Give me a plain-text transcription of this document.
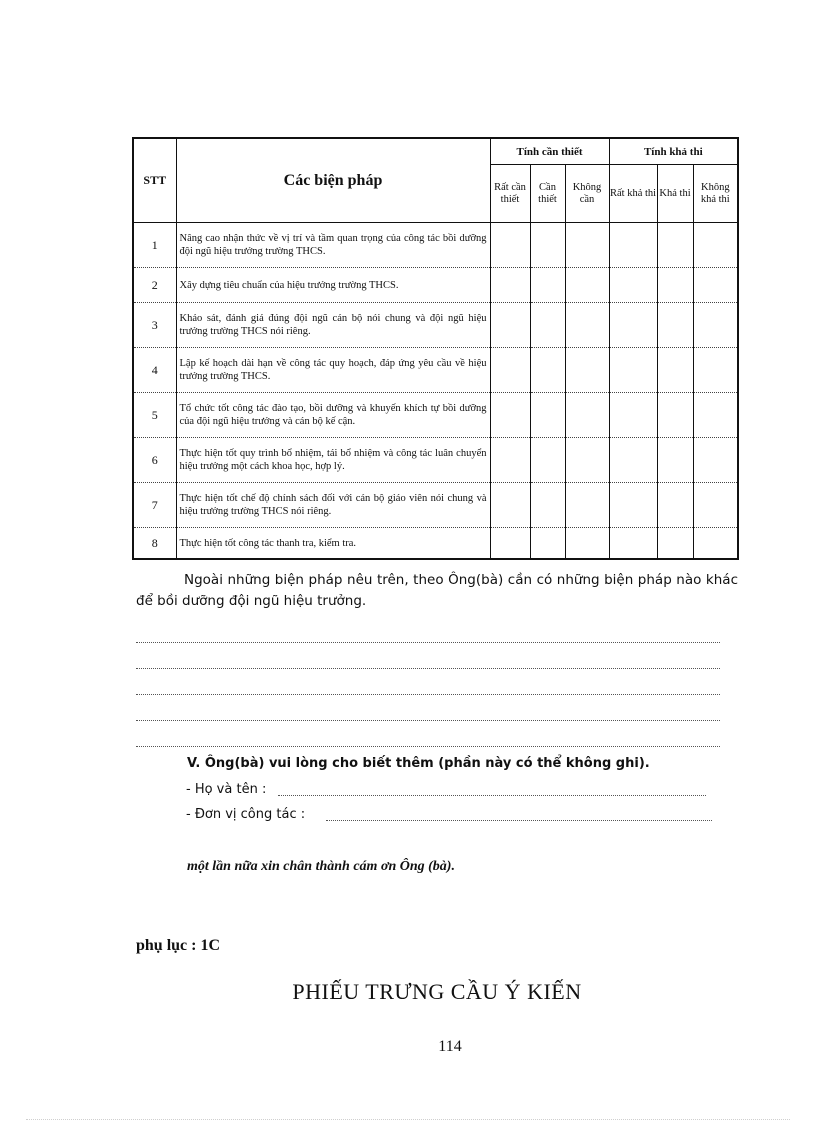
STT	Các biện pháp	Tính cần thiết			Tính khả thi		
		Rất cần thiết	Cần thiết	Không cần	Rất khả thi	Khả thi	Không khả thi
1	Nâng cao nhận thức về vị trí và tầm quan trọng của công tác bồi dưỡng đội ngũ hiệu trưởng trường THCS.						
2	Xây dựng tiêu chuẩn của hiệu trưởng trường THCS.						
3	Khảo sát, đánh giá đúng đội ngũ cán bộ nói chung và đội ngũ hiệu trưởng trường THCS nói riêng.						
4	Lập kế hoạch dài hạn về công tác quy hoạch, đáp ứng yêu cầu về hiệu trưởng trường THCS.						
5	Tổ chức tốt công tác đào tạo, bồi dưỡng và khuyến khích tự bồi dưỡng của đội ngũ hiệu trưởng và cán bộ kế cận.						
6	Thực hiện tốt quy trình bổ nhiệm, tái bổ nhiệm và công tác luân chuyển hiệu trưởng một cách khoa học, hợp lý.						
7	Thực hiện tốt chế độ chính sách đối với cán bộ giáo viên nói chung và hiệu trưởng trường THCS nói riêng.						
8	Thực hiện tốt công tác thanh tra, kiểm tra.						

Ngoài những biện pháp nêu trên, theo Ông(bà) cần có những biện pháp nào khác để bồi dưỡng đội ngũ hiệu trưởng.

V. Ông(bà) vui lòng cho biết thêm (phần này có thể không ghi).
- Họ và tên :
- Đơn vị công tác :
một lần nữa xin chân thành cám ơn Ông (bà).
phụ lục : 1C
PHIẾU TRƯNG CẦU Ý KIẾN
114
